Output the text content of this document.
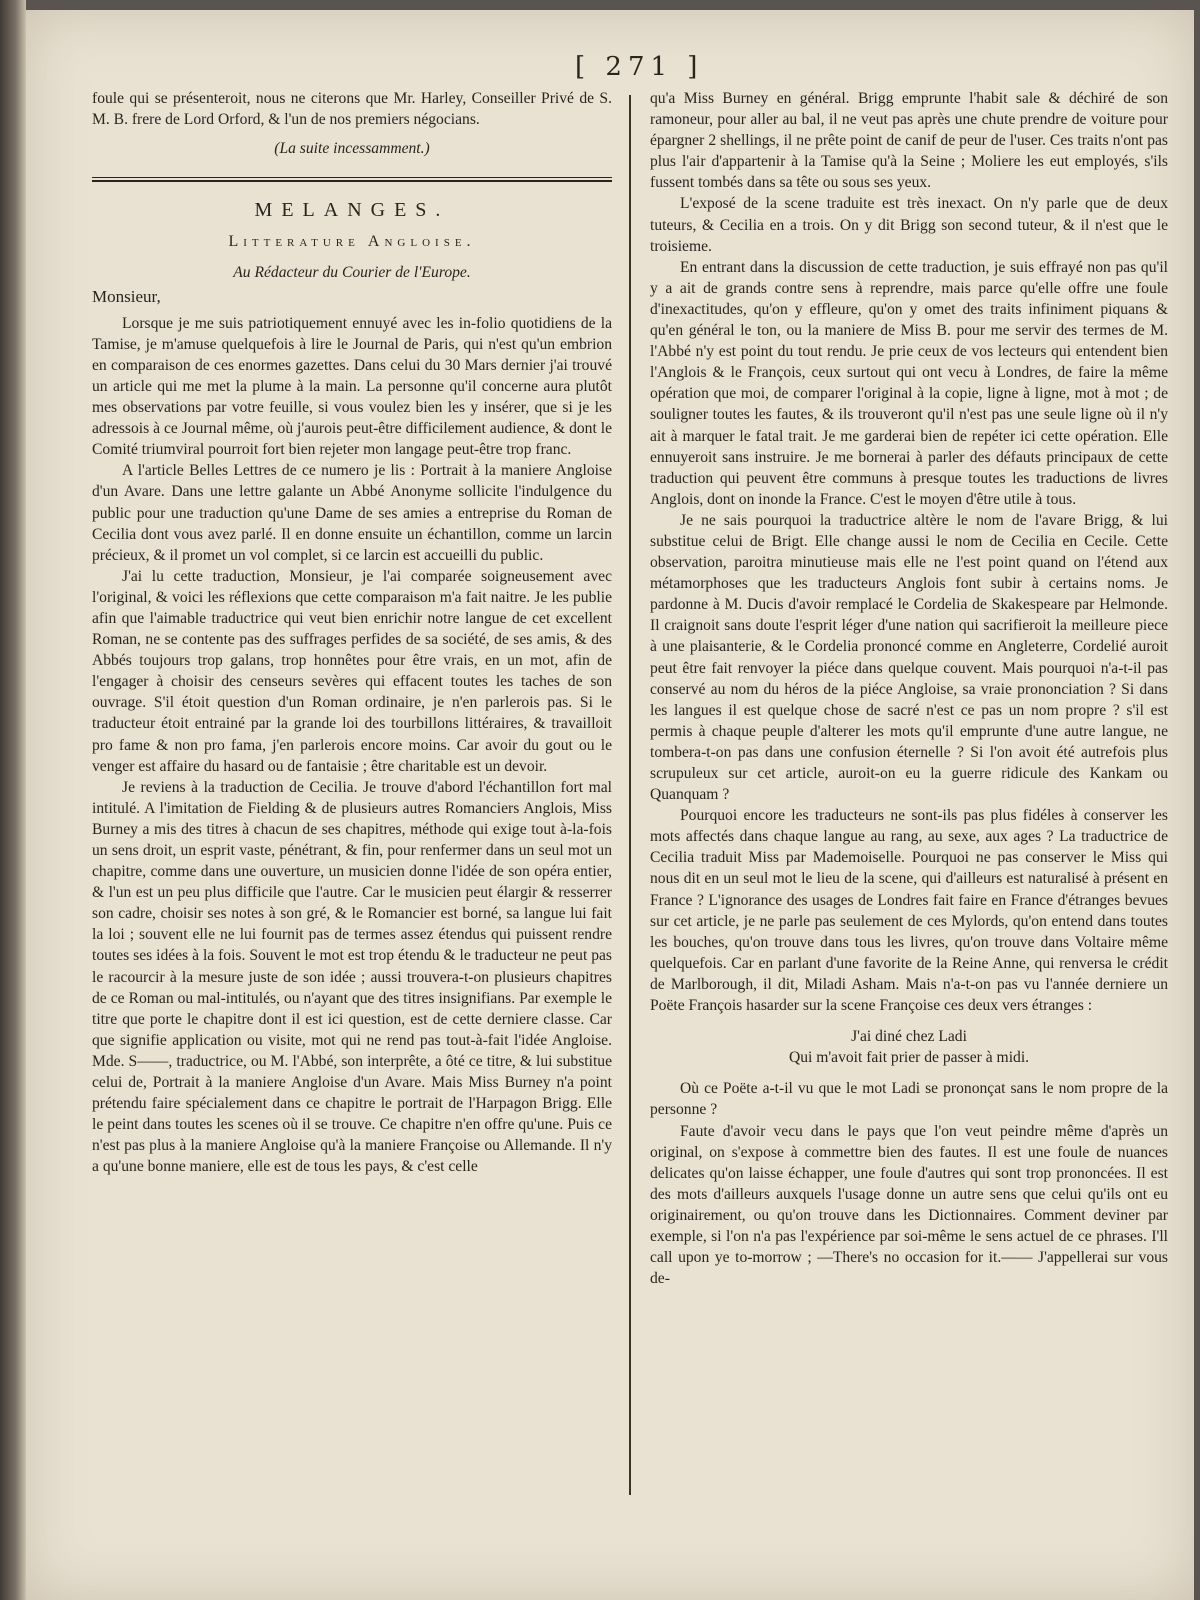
[ 271 ]

foule qui se présenteroit, nous ne citerons que Mr. Harley, Conseiller Privé de S. M. B. frere de Lord Orford, & l'un de nos premiers négocians.

(La suite incessamment.)
MELANGES.
Litterature Angloise.
Au Rédacteur du Courier de l'Europe.

Monsieur,

Lorsque je me suis patriotiquement ennuyé avec les in-folio quotidiens de la Tamise, je m'amuse quelquefois à lire le Journal de Paris, qui n'est qu'un embrion en comparaison de ces enormes gazettes. Dans celui du 30 Mars dernier j'ai trouvé un article qui me met la plume à la main. La personne qu'il concerne aura plutôt mes observations par votre feuille, si vous voulez bien les y insérer, que si je les adressois à ce Journal même, où j'aurois peut-être difficilement audience, & dont le Comité triumviral pourroit fort bien rejeter mon langage peut-être trop franc.

A l'article Belles Lettres de ce numero je lis : Portrait à la maniere Angloise d'un Avare. Dans une lettre galante un Abbé Anonyme sollicite l'indulgence du public pour une traduction qu'une Dame de ses amies a entreprise du Roman de Cecilia dont vous avez parlé. Il en donne ensuite un échantillon, comme un larcin précieux, & il promet un vol complet, si ce larcin est accueilli du public.

J'ai lu cette traduction, Monsieur, je l'ai comparée soigneusement avec l'original, & voici les réflexions que cette comparaison m'a fait naitre. Je les publie afin que l'aimable traductrice qui veut bien enrichir notre langue de cet excellent Roman, ne se contente pas des suffrages perfides de sa société, de ses amis, & des Abbés toujours trop galans, trop honnêtes pour être vrais, en un mot, afin de l'engager à choisir des censeurs sevères qui effacent toutes les taches de son ouvrage. S'il étoit question d'un Roman ordinaire, je n'en parlerois pas. Si le traducteur étoit entrainé par la grande loi des tourbillons littéraires, & travailloit pro fame & non pro fama, j'en parlerois encore moins. Car avoir du gout ou le venger est affaire du hasard ou de fantaisie ; être charitable est un devoir.

Je reviens à la traduction de Cecilia. Je trouve d'abord l'échantillon fort mal intitulé. A l'imitation de Fielding & de plusieurs autres Romanciers Anglois, Miss Burney a mis des titres à chacun de ses chapitres, méthode qui exige tout à-la-fois un sens droit, un esprit vaste, pénétrant, & fin, pour renfermer dans un seul mot un chapitre, comme dans une ouverture, un musicien donne l'idée de son opéra entier, & l'un est un peu plus difficile que l'autre. Car le musicien peut élargir & resserrer son cadre, choisir ses notes à son gré, & le Romancier est borné, sa langue lui fait la loi ; souvent elle ne lui fournit pas de termes assez étendus qui puissent rendre toutes ses idées à la fois. Souvent le mot est trop étendu & le traducteur ne peut pas le racourcir à la mesure juste de son idée ; aussi trouvera-t-on plusieurs chapitres de ce Roman ou mal-intitulés, ou n'ayant que des titres insignifians. Par exemple le titre que porte le chapitre dont il est ici question, est de cette derniere classe. Car que signifie application ou visite, mot qui ne rend pas tout-à-fait l'idée Angloise. Mde. S——, traductrice, ou M. l'Abbé, son interprête, a ôté ce titre, & lui substitue celui de, Portrait à la maniere Angloise d'un Avare. Mais Miss Burney n'a point prétendu faire spécialement dans ce chapitre le portrait de l'Harpagon Brigg. Elle le peint dans toutes les scenes où il se trouve. Ce chapitre n'en offre qu'une. Puis ce n'est pas plus à la maniere Angloise qu'à la maniere Françoise ou Allemande. Il n'y a qu'une bonne maniere, elle est de tous les pays, & c'est celle

qu'a Miss Burney en général. Brigg emprunte l'habit sale & déchiré de son ramoneur, pour aller au bal, il ne veut pas après une chute prendre de voiture pour épargner 2 shellings, il ne prête point de canif de peur de l'user. Ces traits n'ont pas plus l'air d'appartenir à la Tamise qu'à la Seine ; Moliere les eut employés, s'ils fussent tombés dans sa tête ou sous ses yeux.

L'exposé de la scene traduite est très inexact. On n'y parle que de deux tuteurs, & Cecilia en a trois. On y dit Brigg son second tuteur, & il n'est que le troisieme.

En entrant dans la discussion de cette traduction, je suis effrayé non pas qu'il y a ait de grands contre sens à reprendre, mais parce qu'elle offre une foule d'inexactitudes, qu'on y effleure, qu'on y omet des traits infiniment piquans & qu'en général le ton, ou la maniere de Miss B. pour me servir des termes de M. l'Abbé n'y est point du tout rendu. Je prie ceux de vos lecteurs qui entendent bien l'Anglois & le François, ceux surtout qui ont vecu à Londres, de faire la même opération que moi, de comparer l'original à la copie, ligne à ligne, mot à mot ; de souligner toutes les fautes, & ils trouveront qu'il n'est pas une seule ligne où il n'y ait à marquer le fatal trait. Je me garderai bien de repéter ici cette opération. Elle ennuyeroit sans instruire. Je me bornerai à parler des défauts principaux de cette traduction qui peuvent être communs à presque toutes les traductions de livres Anglois, dont on inonde la France. C'est le moyen d'être utile à tous.

Je ne sais pourquoi la traductrice altère le nom de l'avare Brigg, & lui substitue celui de Brigt. Elle change aussi le nom de Cecilia en Cecile. Cette observation, paroitra minutieuse mais elle ne l'est point quand on l'étend aux métamorphoses que les traducteurs Anglois font subir à certains noms. Je pardonne à M. Ducis d'avoir remplacé le Cordelia de Skakespeare par Helmonde. Il craignoit sans doute l'esprit léger d'une nation qui sacrifieroit la meilleure piece à une plaisanterie, & le Cordelia prononcé comme en Angleterre, Cordelié auroit peut être fait renvoyer la piéce dans quelque couvent. Mais pourquoi n'a-t-il pas conservé au nom du héros de la piéce Angloise, sa vraie prononciation ? Si dans les langues il est quelque chose de sacré n'est ce pas un nom propre ? s'il est permis à chaque peuple d'alterer les mots qu'il emprunte d'une autre langue, ne tombera-t-on pas dans une confusion éternelle ? Si l'on avoit été autrefois plus scrupuleux sur cet article, auroit-on eu la guerre ridicule des Kankam ou Quanquam ?

Pourquoi encore les traducteurs ne sont-ils pas plus fidéles à conserver les mots affectés dans chaque langue au rang, au sexe, aux ages ? La traductrice de Cecilia traduit Miss par Mademoiselle. Pourquoi ne pas conserver le Miss qui nous dit en un seul mot le lieu de la scene, qui d'ailleurs est naturalisé à présent en France ? L'ignorance des usages de Londres fait faire en France d'étranges bevues sur cet article, je ne parle pas seulement de ces Mylords, qu'on entend dans toutes les bouches, qu'on trouve dans tous les livres, qu'on trouve dans Voltaire même quelquefois. Car en parlant d'une favorite de la Reine Anne, qui renversa le crédit de Marlborough, il dit, Miladi Asham. Mais n'a-t-on pas vu l'année derniere un Poëte François hasarder sur la scene Françoise ces deux vers étranges :

J'ai diné chez Ladi

Qui m'avoit fait prier de passer à midi.

Où ce Poëte a-t-il vu que le mot Ladi se prononçat sans le nom propre de la personne ?

Faute d'avoir vecu dans le pays que l'on veut peindre même d'après un original, on s'expose à commettre bien des fautes. Il est une foule de nuances delicates qu'on laisse échapper, une foule d'autres qui sont trop prononcées. Il est des mots d'ailleurs auxquels l'usage donne un autre sens que celui qu'ils ont eu originairement, ou qu'on trouve dans les Dictionnaires. Comment deviner par exemple, si l'on n'a pas l'expérience par soi-même le sens actuel de ce phrases. I'll call upon ye to-morrow ; —There's no occasion for it.—— J'appellerai sur vous de-
